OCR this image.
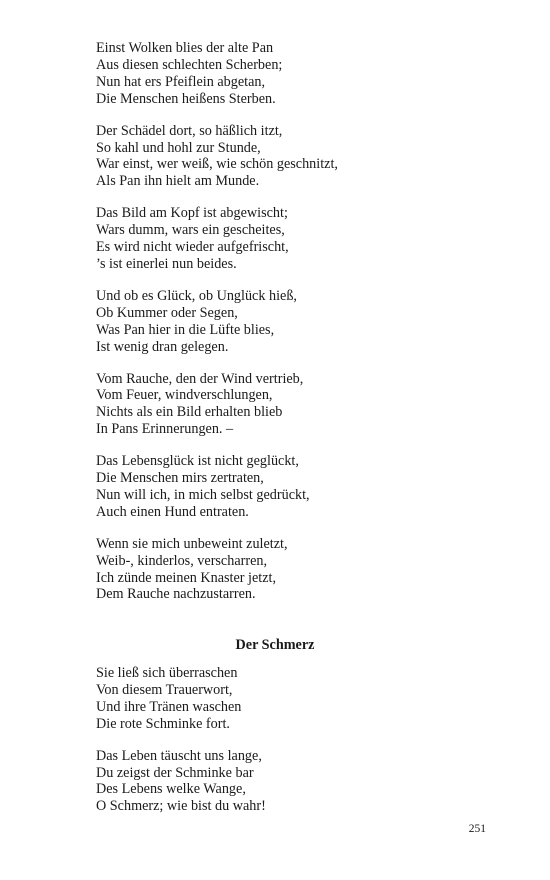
Einst Wolken blies der alte Pan
Aus diesen schlechten Scherben;
Nun hat ers Pfeiflein abgetan,
Die Menschen heißens Sterben.
Der Schädel dort, so häßlich itzt,
So kahl und hohl zur Stunde,
War einst, wer weiß, wie schön geschnitzt,
Als Pan ihn hielt am Munde.
Das Bild am Kopf ist abgewischt;
Wars dumm, wars ein gescheites,
Es wird nicht wieder aufgefrischt,
’s ist einerlei nun beides.
Und ob es Glück, ob Unglück hieß,
Ob Kummer oder Segen,
Was Pan hier in die Lüfte blies,
Ist wenig dran gelegen.
Vom Rauche, den der Wind vertrieb,
Vom Feuer, windverschlungen,
Nichts als ein Bild erhalten blieb
In Pans Erinnerungen. –
Das Lebensglück ist nicht geglückt,
Die Menschen mirs zertraten,
Nun will ich, in mich selbst gedrückt,
Auch einen Hund entraten.
Wenn sie mich unbeweint zuletzt,
Weib-, kinderlos, verscharren,
Ich zünde meinen Knaster jetzt,
Dem Rauche nachzustarren.
Der Schmerz
Sie ließ sich überraschen
Von diesem Trauerwort,
Und ihre Tränen waschen
Die rote Schminke fort.
Das Leben täuscht uns lange,
Du zeigst der Schminke bar
Des Lebens welke Wange,
O Schmerz; wie bist du wahr!
251
